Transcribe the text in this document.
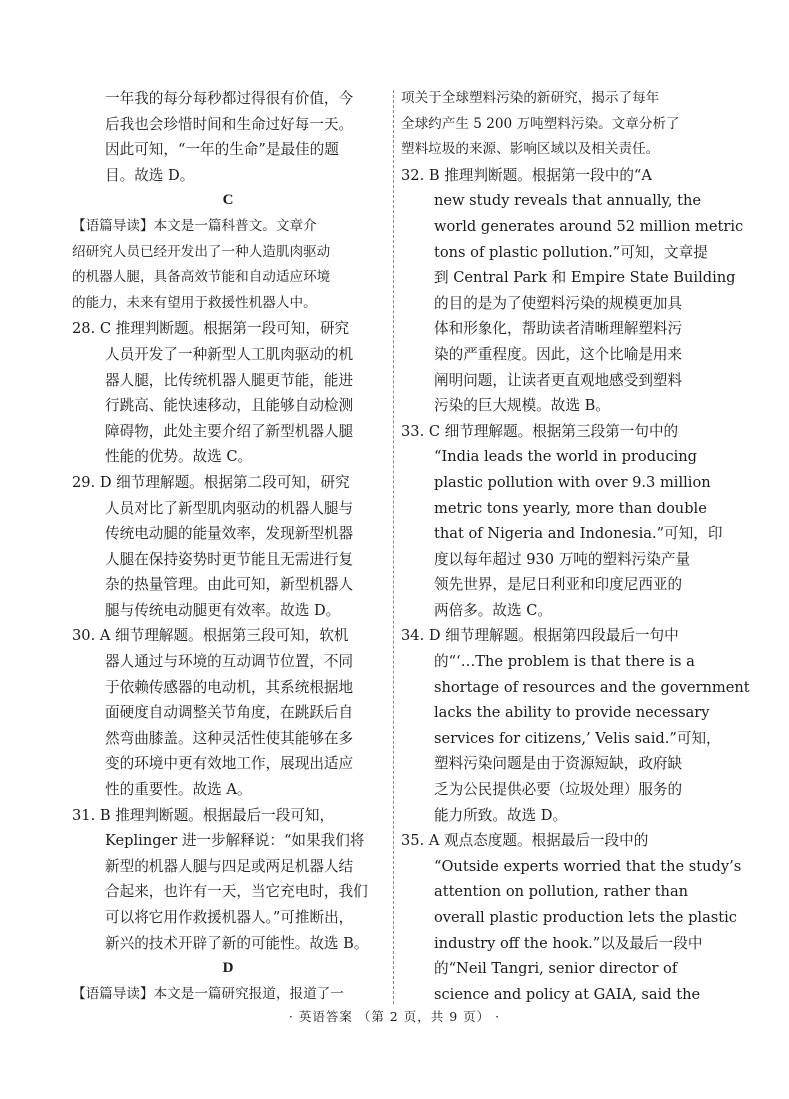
一年我的每分每秒都过得很有价值，今
后我也会珍惜时间和生命过好每一天。
因此可知，“一年的生命”是最佳的题
目。故选 D。
C
【语篇导读】本文是一篇科普文。文章介
绍研究人员已经开发出了一种人造肌肉驱动
的机器人腿，具备高效节能和自动适应环境
的能力，未来有望用于救援性机器人中。
28. C 推理判断题。根据第一段可知，研究
人员开发了一种新型人工肌肉驱动的机
器人腿，比传统机器人腿更节能，能进
行跳高、能快速移动，且能够自动检测
障碍物，此处主要介绍了新型机器人腿
性能的优势。故选 C。
29. D 细节理解题。根据第二段可知，研究
人员对比了新型肌肉驱动的机器人腿与
传统电动腿的能量效率，发现新型机器
人腿在保持姿势时更节能且无需进行复
杂的热量管理。由此可知，新型机器人
腿与传统电动腿更有效率。故选 D。
30. A 细节理解题。根据第三段可知，软机
器人通过与环境的互动调节位置，不同
于依赖传感器的电动机，其系统根据地
面硬度自动调整关节角度，在跳跃后自
然弯曲膝盖。这种灵活性使其能够在多
变的环境中更有效地工作，展现出适应
性的重要性。故选 A。
31. B 推理判断题。根据最后一段可知，
Keplinger 进一步解释说：“如果我们将
新型的机器人腿与四足或两足机器人结
合起来，也许有一天，当它充电时，我们
可以将它用作救援机器人。”可推断出，
新兴的技术开辟了新的可能性。故选 B。
D
【语篇导读】本文是一篇研究报道，报道了一
项关于全球塑料污染的新研究，揭示了每年
全球约产生 5 200 万吨塑料污染。文章分析了
塑料垃圾的来源、影响区域以及相关责任。
32. B 推理判断题。根据第一段中的“A
new study reveals that annually, the
world generates around 52 million metric
tons of plastic pollution.”可知，文章提
到 Central Park 和 Empire State Building
的目的是为了使塑料污染的规模更加具
体和形象化，帮助读者清晰理解塑料污
染的严重程度。因此，这个比喻是用来
阐明问题，让读者更直观地感受到塑料
污染的巨大规模。故选 B。
33. C 细节理解题。根据第三段第一句中的
“India leads the world in producing
plastic pollution with over 9.3 million
metric tons yearly, more than double
that of Nigeria and Indonesia.”可知，印
度以每年超过 930 万吨的塑料污染产量
领先世界，是尼日利亚和印度尼西亚的
两倍多。故选 C。
34. D 细节理解题。根据第四段最后一句中
的“‘…The problem is that there is a
shortage of resources and the government
lacks the ability to provide necessary
services for citizens,’ Velis said.”可知，
塑料污染问题是由于资源短缺，政府缺
乏为公民提供必要（垃圾处理）服务的
能力所致。故选 D。
35. A 观点态度题。根据最后一段中的
“Outside experts worried that the study’s
attention on pollution, rather than
overall plastic production lets the plastic
industry off the hook.”以及最后一段中
的“Neil Tangri, senior director of
science and policy at GAIA, said the
· 英语答案 （第 2 页，共 9 页） ·
